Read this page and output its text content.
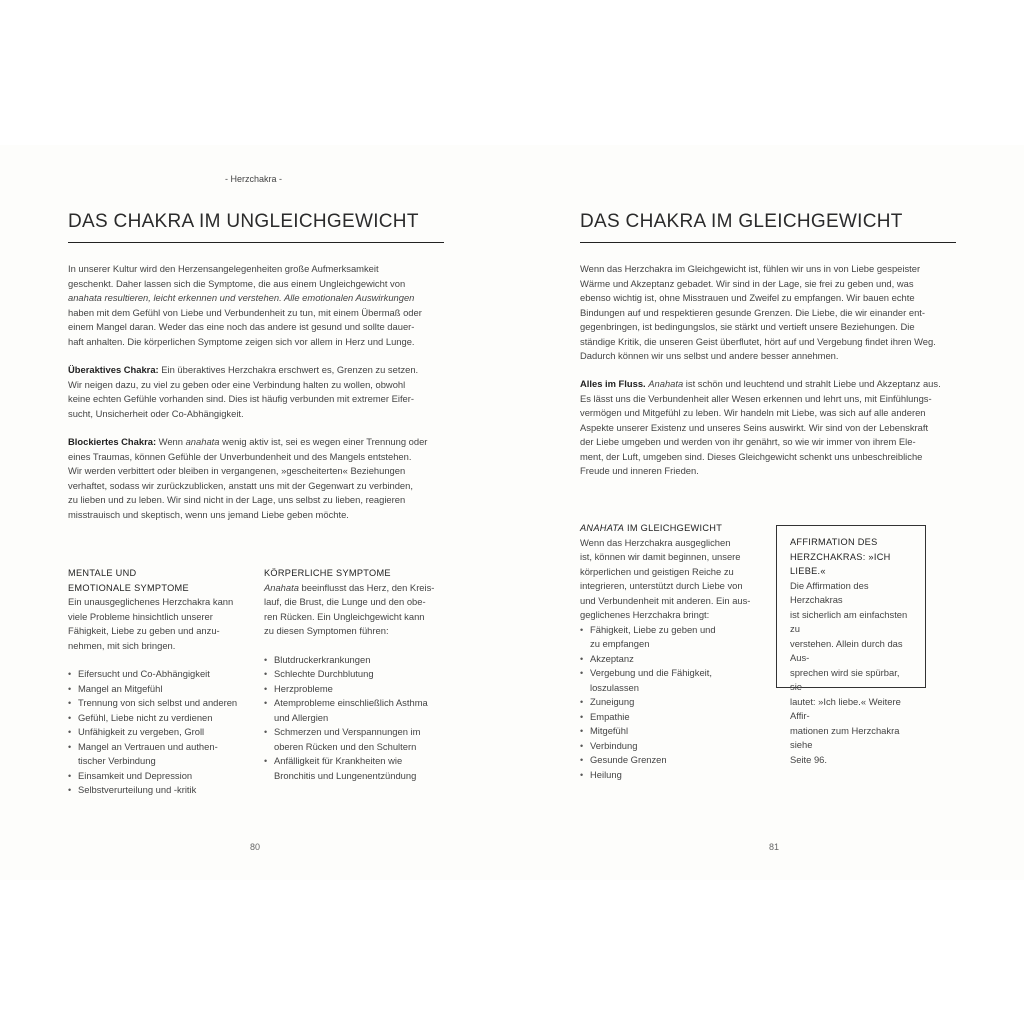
- Herzchakra -
DAS CHAKRA IM UNGLEICHGEWICHT
In unserer Kultur wird den Herzensangelegenheiten große Aufmerksamkeit
geschenkt. Daher lassen sich die Symptome, die aus einem Ungleichgewicht von
anahata resultieren, leicht erkennen und verstehen. Alle emotionalen Auswirkungen
haben mit dem Gefühl von Liebe und Verbundenheit zu tun, mit einem Übermaß oder
einem Mangel daran. Weder das eine noch das andere ist gesund und sollte dauer-
haft anhalten. Die körperlichen Symptome zeigen sich vor allem in Herz und Lunge.
Überaktives Chakra: Ein überaktives Herzchakra erschwert es, Grenzen zu setzen.
Wir neigen dazu, zu viel zu geben oder eine Verbindung halten zu wollen, obwohl
keine echten Gefühle vorhanden sind. Dies ist häufig verbunden mit extremer Eifer-
sucht, Unsicherheit oder Co-Abhängigkeit.
Blockiertes Chakra: Wenn anahata wenig aktiv ist, sei es wegen einer Trennung oder
eines Traumas, können Gefühle der Unverbundenheit und des Mangels entstehen.
Wir werden verbittert oder bleiben in vergangenen, »gescheiterten« Beziehungen
verhaftet, sodass wir zurückzublicken, anstatt uns mit der Gegenwart zu verbinden,
zu lieben und zu leben. Wir sind nicht in der Lage, uns selbst zu lieben, reagieren
misstrauisch und skeptisch, wenn uns jemand Liebe geben möchte.
MENTALE UND
EMOTIONALE SYMPTOME
Ein unausgeglichenes Herzchakra kann
viele Probleme hinsichtlich unserer
Fähigkeit, Liebe zu geben und anzu-
nehmen, mit sich bringen.
• Eifersucht und Co-Abhängigkeit
• Mangel an Mitgefühl
• Trennung von sich selbst und anderen
• Gefühl, Liebe nicht zu verdienen
• Unfähigkeit zu vergeben, Groll
• Mangel an Vertrauen und authen-
tischer Verbindung
• Einsamkeit und Depression
• Selbstverurteilung und -kritik
KÖRPERLICHE SYMPTOME
Anahata beeinflusst das Herz, den Kreis-
lauf, die Brust, die Lunge und den obe-
ren Rücken. Ein Ungleichgewicht kann
zu diesen Symptomen führen:
• Blutdruckerkrankungen
• Schlechte Durchblutung
• Herzprobleme
• Atemprobleme einschließlich Asthma
und Allergien
• Schmerzen und Verspannungen im
oberen Rücken und den Schultern
• Anfälligkeit für Krankheiten wie
Bronchitis und Lungenentzündung
80
DAS CHAKRA IM GLEICHGEWICHT
Wenn das Herzchakra im Gleichgewicht ist, fühlen wir uns in von Liebe gespeister
Wärme und Akzeptanz gebadet. Wir sind in der Lage, sie frei zu geben und, was
ebenso wichtig ist, ohne Misstrauen und Zweifel zu empfangen. Wir bauen echte
Bindungen auf und respektieren gesunde Grenzen. Die Liebe, die wir einander ent-
gegenbringen, ist bedingungslos, sie stärkt und vertieft unsere Beziehungen. Die
ständige Kritik, die unseren Geist überflutet, hört auf und Vergebung findet ihren Weg.
Dadurch können wir uns selbst und andere besser annehmen.
Alles im Fluss. Anahata ist schön und leuchtend und strahlt Liebe und Akzeptanz aus.
Es lässt uns die Verbundenheit aller Wesen erkennen und lehrt uns, mit Einfühlungs-
vermögen und Mitgefühl zu leben. Wir handeln mit Liebe, was sich auf alle anderen
Aspekte unserer Existenz und unseres Seins auswirkt. Wir sind von der Lebenskraft
der Liebe umgeben und werden von ihr genährt, so wie wir immer von ihrem Ele-
ment, der Luft, umgeben sind. Dieses Gleichgewicht schenkt uns unbeschreibliche
Freude und inneren Frieden.
ANAHATA IM GLEICHGEWICHT
Wenn das Herzchakra ausgeglichen
ist, können wir damit beginnen, unsere
körperlichen und geistigen Reiche zu
integrieren, unterstützt durch Liebe von
und Verbundenheit mit anderen. Ein aus-
geglichenes Herzchakra bringt:
• Fähigkeit, Liebe zu geben und
zu empfangen
• Akzeptanz
• Vergebung und die Fähigkeit,
loszulassen
• Zuneigung
• Empathie
• Mitgefühl
• Verbindung
• Gesunde Grenzen
• Heilung
AFFIRMATION DES
HERZCHAKRAS: »ICH LIEBE.«
Die Affirmation des Herzchakras
ist sicherlich am einfachsten zu
verstehen. Allein durch das Aus-
sprechen wird sie spürbar, sie
lautet: »Ich liebe.« Weitere Affir-
mationen zum Herzchakra siehe
Seite 96.
81
